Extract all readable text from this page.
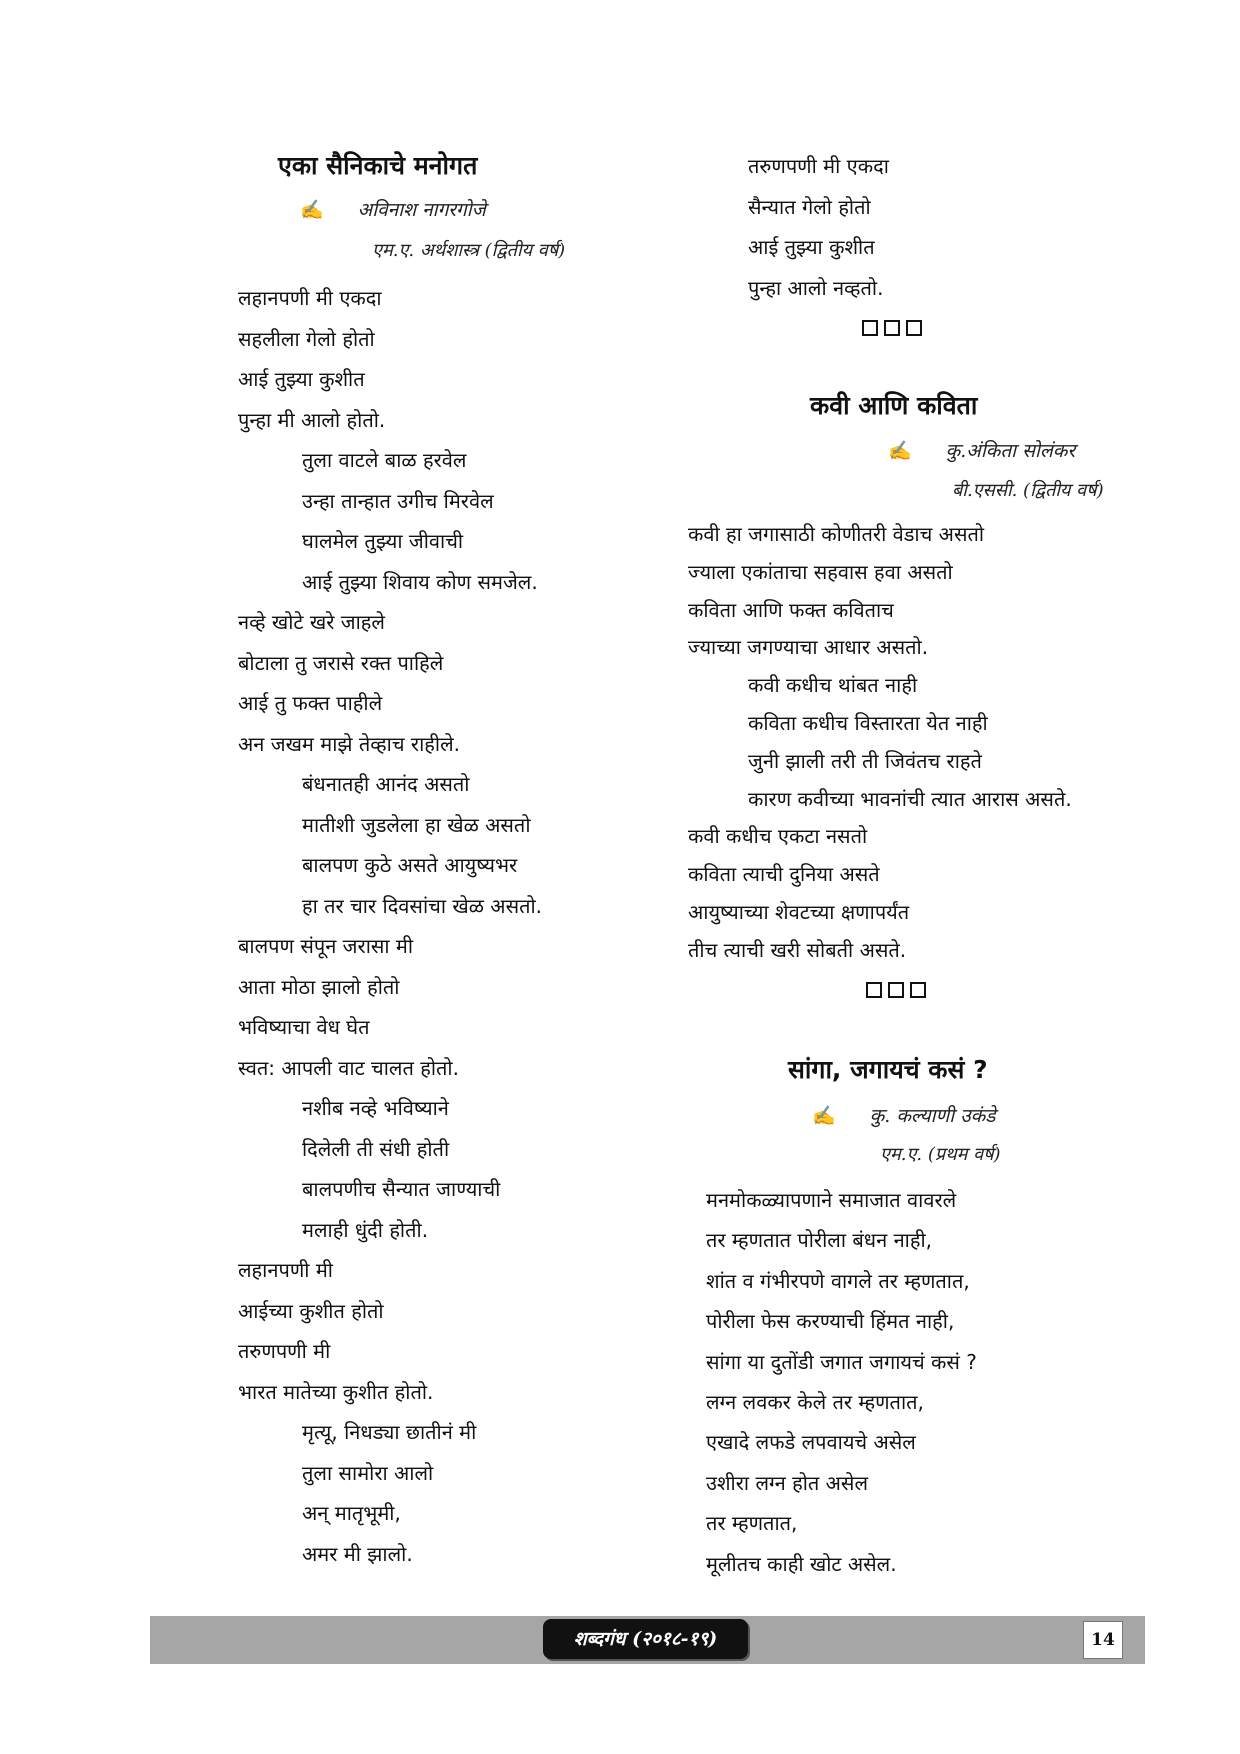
एका सैनिकाचे मनोगत
✍ अविनाश नागरगोजे
एम.ए. अर्थशास्त्र (द्वितीय वर्ष)
लहानपणी मी एकदा
सहलीला गेलो होतो
आई तुझ्या कुशीत
पुन्हा मी आलो होतो.
तुला वाटले बाळ हरवेल
उन्हा तान्हात उगीच मिरवेल
घालमेल तुझ्या जीवाची
आई तुझ्या शिवाय कोण समजेल.
नव्हे खोटे खरे जाहले
बोटाला तु जरासे रक्त पाहिले
आई तु फक्त पाहीले
अन जखम माझे तेव्हाच राहीले.
बंधनातही आनंद असतो
मातीशी जुडलेला हा खेळ असतो
बालपण कुठे असते आयुष्यभर
हा तर चार दिवसांचा खेळ असतो.
बालपण संपून जरासा मी
आता मोठा झालो होतो
भविष्याचा वेध घेत
स्वत: आपली वाट चालत होतो.
नशीब नव्हे भविष्याने
दिलेली ती संधी होती
बालपणीच सैन्यात जाण्याची
मलाही धुंदी होती.
लहानपणी मी
आईच्या कुशीत होतो
तरुणपणी मी
भारत मातेच्या कुशीत होतो.
मृत्यू, निधड्या छातीनं मी
तुला सामोरा आलो
अन् मातृभूमी,
अमर मी झालो.
तरुणपणी मी एकदा
सैन्यात गेलो होतो
आई तुझ्या कुशीत
पुन्हा आलो नव्हतो.
कवी आणि कविता
✍ कु.अंकिता सोलंकर
बी.एससी. (द्वितीय वर्ष)
कवी हा जगासाठी कोणीतरी वेडाच असतो
ज्याला एकांताचा सहवास हवा असतो
कविता आणि फक्त कविताच
ज्याच्या जगण्याचा आधार असतो.
कवी कधीच थांबत नाही
कविता कधीच विस्तारता येत नाही
जुनी झाली तरी ती जिवंतच राहते
कारण कवीच्या भावनांची त्यात आरास असते.
कवी कधीच एकटा नसतो
कविता त्याची दुनिया असते
आयुष्याच्या शेवटच्या क्षणापर्यंत
तीच त्याची खरी सोबती असते.
सांगा, जगायचं कसं ?
✍ कु. कल्याणी उकंडे
एम.ए. (प्रथम वर्ष)
मनमोकळ्यापणाने समाजात वावरले
तर म्हणतात पोरीला बंधन नाही,
शांत व गंभीरपणे वागले तर म्हणतात,
पोरीला फेस करण्याची हिंमत नाही,
सांगा या दुतोंडी जगात जगायचं कसं ?
लग्न लवकर केले तर म्हणतात,
एखादे लफडे लपवायचे असेल
उशीरा लग्न होत असेल
तर म्हणतात,
मूलीतच काही खोट असेल.
शब्दगंध (२०१८-१९)	14
